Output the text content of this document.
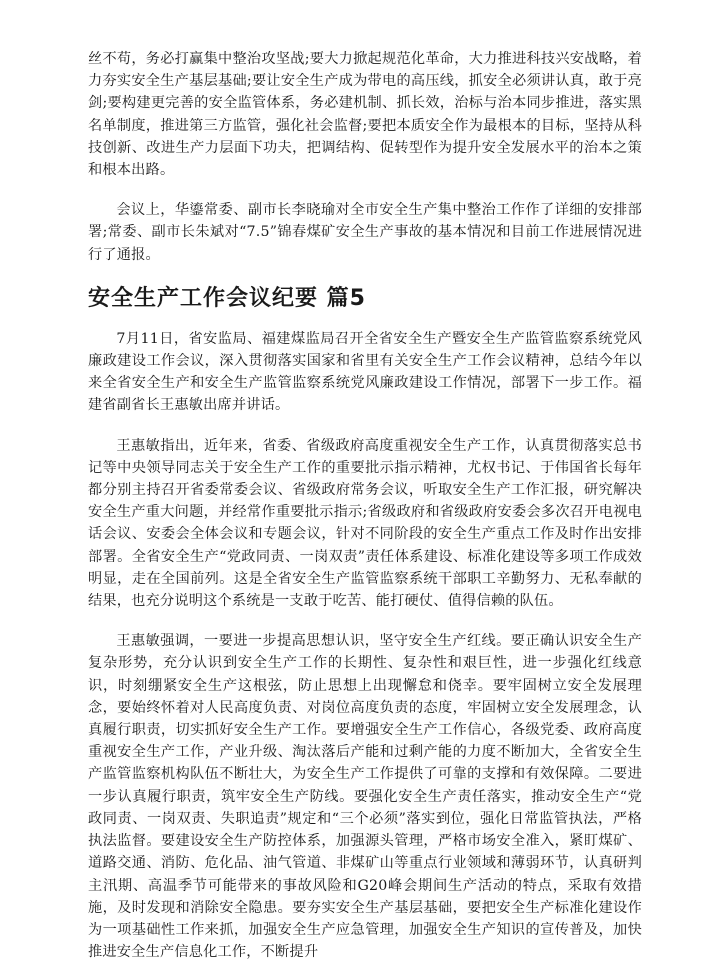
丝不苟，务必打赢集中整治攻坚战;要大力掀起规范化革命，大力推进科技兴安战略，着力夯实安全生产基层基础;要让安全生产成为带电的高压线，抓安全必须讲认真，敢于亮剑;要构建更完善的安全监管体系，务必建机制、抓长效，治标与治本同步推进，落实黑名单制度，推进第三方监管，强化社会监督;要把本质安全作为最根本的目标，坚持从科技创新、改进生产力层面下功夫，把调结构、促转型作为提升安全发展水平的治本之策和根本出路。

会议上，华鎏常委、副市长李晓瑜对全市安全生产集中整治工作作了详细的安排部署;常委、副市长朱斌对“7.5”锦春煤矿安全生产事故的基本情况和目前工作进展情况进行了通报。

安全生产工作会议纪要 篇5

7月11日，省安监局、福建煤监局召开全省安全生产暨安全生产监管监察系统党风廉政建设工作会议，深入贯彻落实国家和省里有关安全生产工作会议精神，总结今年以来全省安全生产和安全生产监管监察系统党风廉政建设工作情况，部署下一步工作。福建省副省长王惠敏出席并讲话。

王惠敏指出，近年来，省委、省级政府高度重视安全生产工作，认真贯彻落实总书记等中央领导同志关于安全生产工作的重要批示指示精神，尤权书记、于伟国省长每年都分别主持召开省委常委会议、省级政府常务会议，听取安全生产工作汇报，研究解决安全生产重大问题，并经常作重要批示指示;省级政府和省级政府安委会多次召开电视电话会议、安委会全体会议和专题会议，针对不同阶段的安全生产重点工作及时作出安排部署。全省安全生产“党政同责、一岗双责”责任体系建设、标准化建设等多项工作成效明显，走在全国前列。这是全省安全生产监管监察系统干部职工辛勤努力、无私奉献的结果，也充分说明这个系统是一支敢于吃苦、能打硬仗、值得信赖的队伍。

王惠敏强调，一要进一步提高思想认识，坚守安全生产红线。要正确认识安全生产复杂形势，充分认识到安全生产工作的长期性、复杂性和艰巨性，进一步强化红线意识，时刻绷紧安全生产这根弦，防止思想上出现懈怠和侥幸。要牢固树立安全发展理念，要始终怀着对人民高度负责、对岗位高度负责的态度，牢固树立安全发展理念，认真履行职责，切实抓好安全生产工作。要增强安全生产工作信心，各级党委、政府高度重视安全生产工作，产业升级、淘汰落后产能和过剩产能的力度不断加大，全省安全生产监管监察机构队伍不断壮大，为安全生产工作提供了可靠的支撑和有效保障。二要进一步认真履行职责，筑牢安全生产防线。要强化安全生产责任落实，推动安全生产“党政同责、一岗双责、失职追责”规定和“三个必须”落实到位，强化日常监管执法，严格执法监督。要建设安全生产防控体系，加强源头管理，严格市场安全准入，紧盯煤矿、道路交通、消防、危化品、油气管道、非煤矿山等重点行业领域和薄弱环节，认真研判主汛期、高温季节可能带来的事故风险和G20峰会期间生产活动的特点，采取有效措施，及时发现和消除安全隐患。要夯实安全生产基层基础，要把安全生产标准化建设作为一项基础性工作来抓，加强安全生产应急管理，加强安全生产知识的宣传普及，加快推进安全生产信息化工作，不断提升
